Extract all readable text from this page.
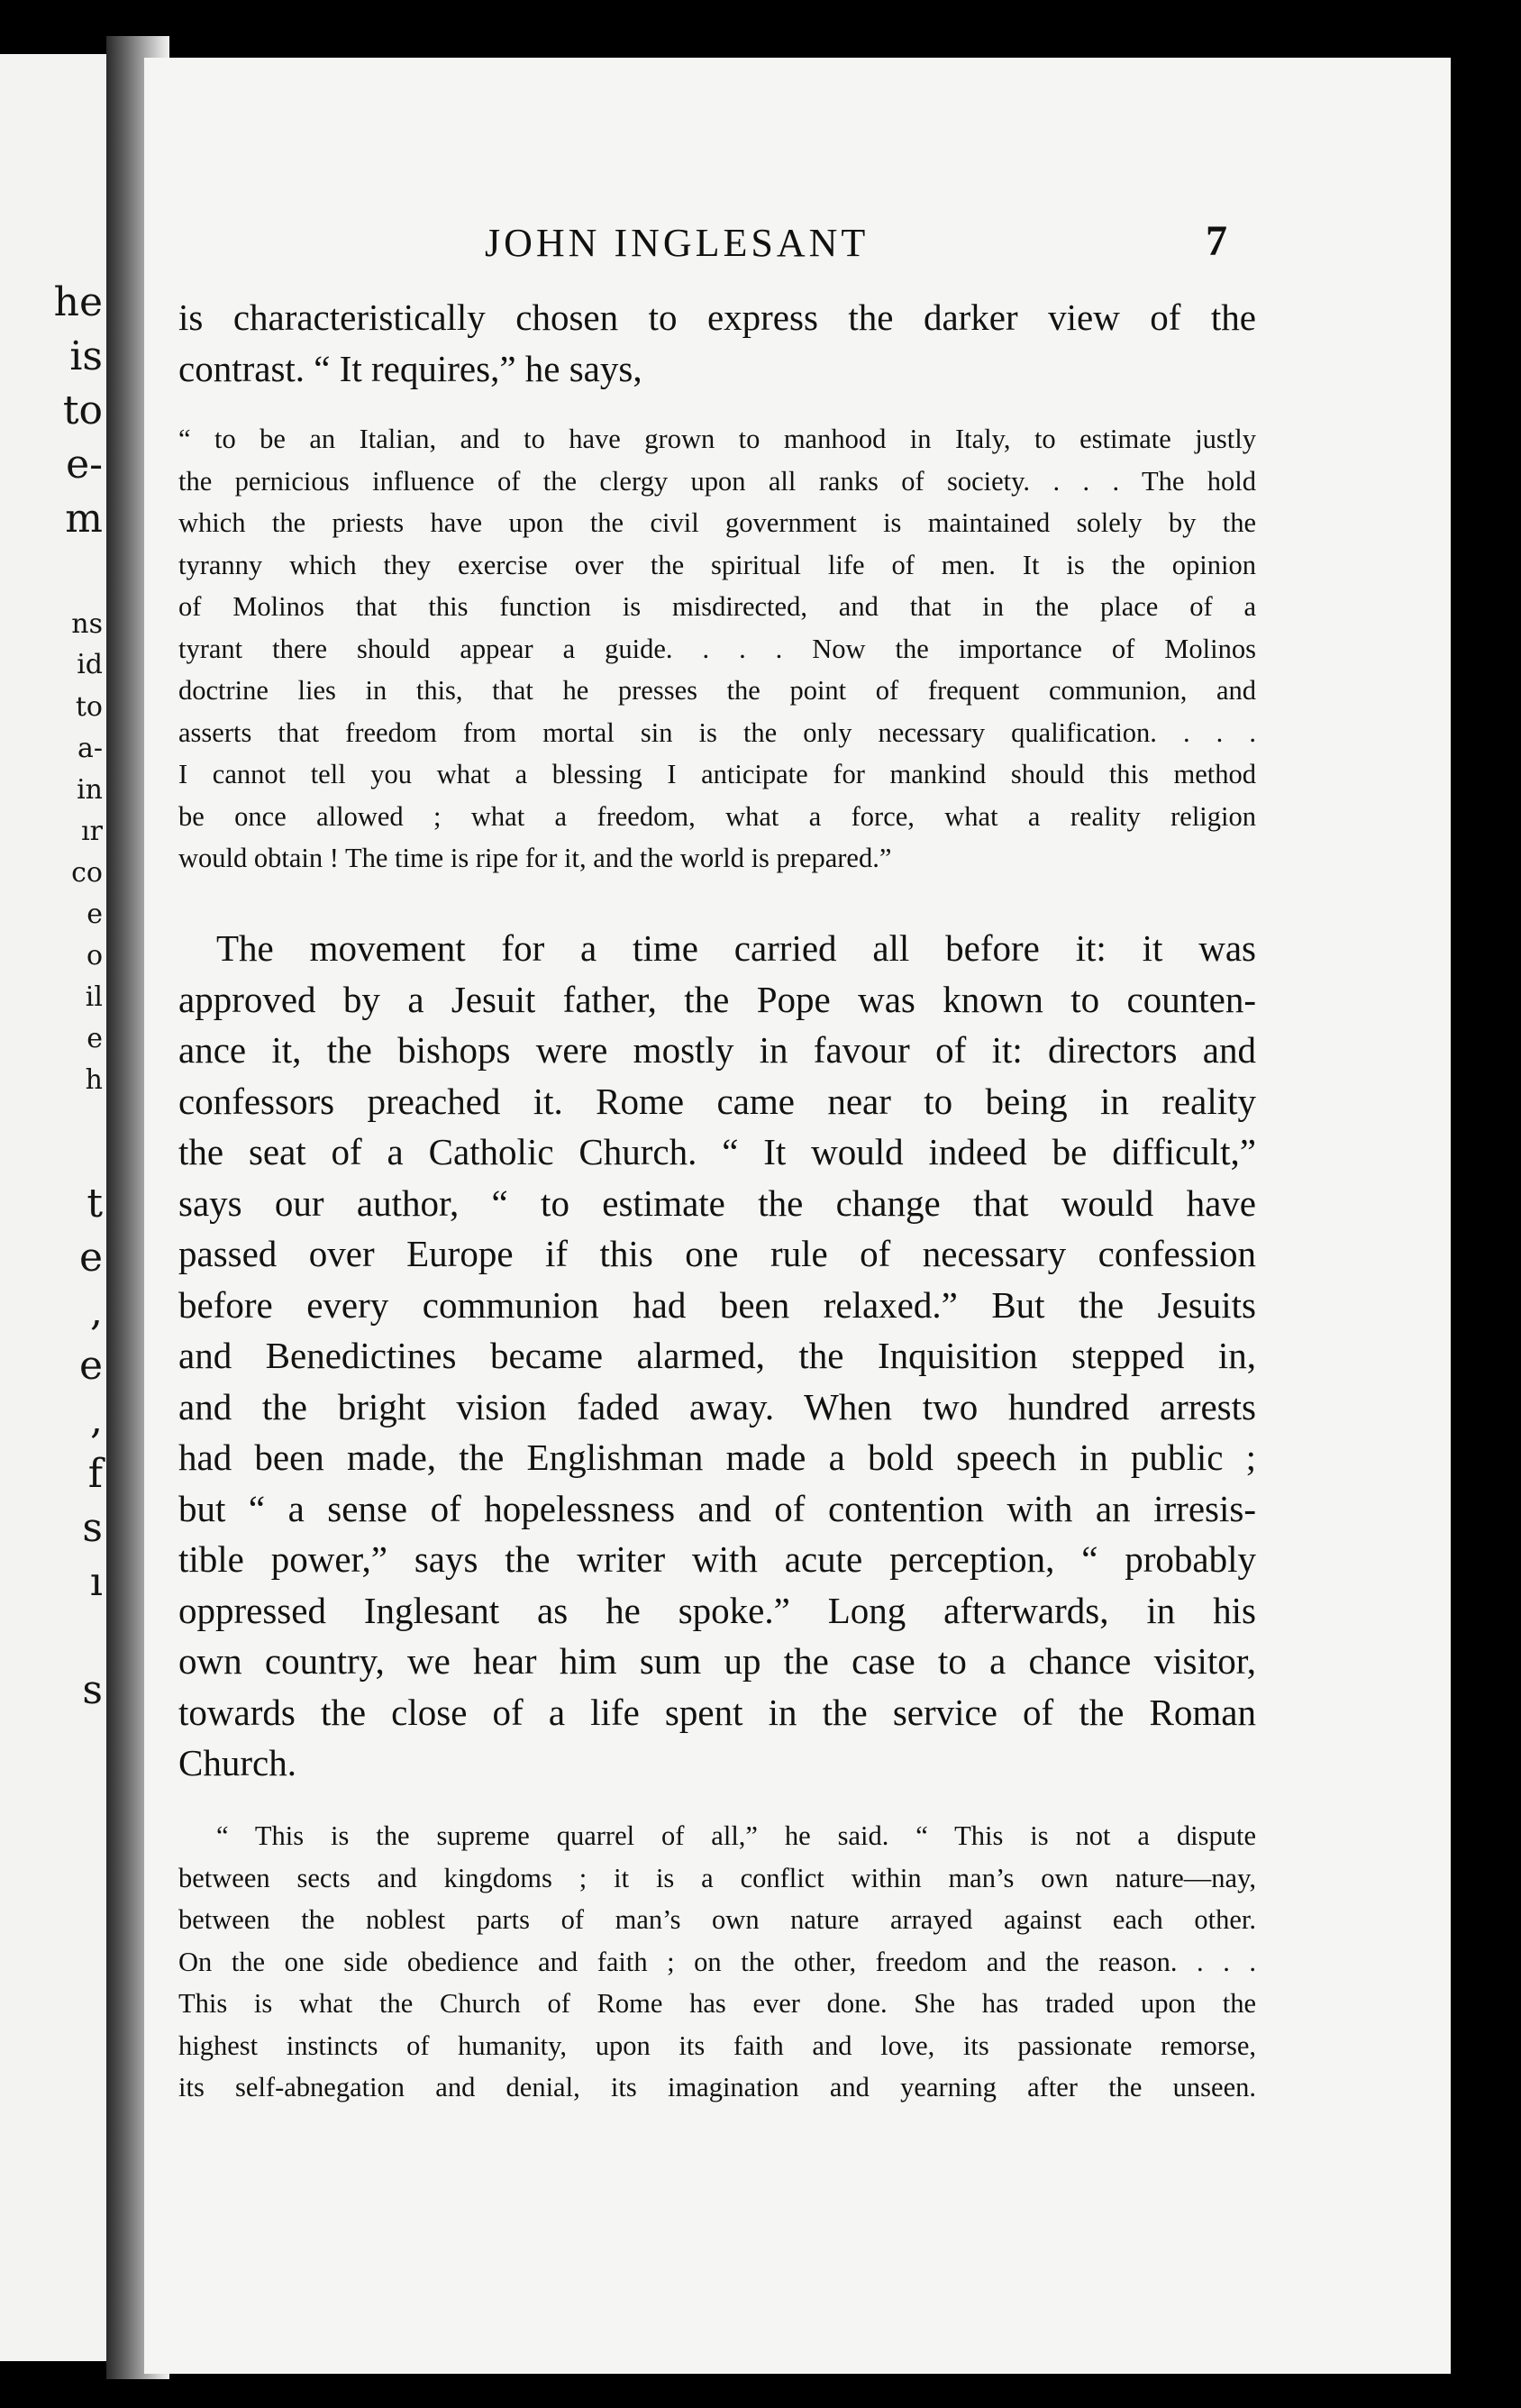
he
is
to
e-
m
ns
id
to
a-
in
ır
co
e
o
il
e
h
t
e
,
e
,
f
s
ı
s
JOHN INGLESANT	7
is characteristically chosen to express the darker view of the
contrast. “ It requires,” he says,
“ to be an Italian, and to have grown to manhood in Italy, to estimate justly
the pernicious influence of the clergy upon all ranks of society. . . . The hold
which the priests have upon the civil government is maintained solely by the
tyranny which they exercise over the spiritual life of men. It is the opinion
of Molinos that this function is misdirected, and that in the place of a
tyrant there should appear a guide. . . . Now the importance of Molinos
doctrine lies in this, that he presses the point of frequent communion, and
asserts that freedom from mortal sin is the only necessary qualification. . . .
I cannot tell you what a blessing I anticipate for mankind should this method
be once allowed ; what a freedom, what a force, what a reality religion
would obtain ! The time is ripe for it, and the world is prepared.”
The movement for a time carried all before it: it was
approved by a Jesuit father, the Pope was known to counten-
ance it, the bishops were mostly in favour of it: directors and
confessors preached it. Rome came near to being in reality
the seat of a Catholic Church. “ It would indeed be difficult,”
says our author, “ to estimate the change that would have
passed over Europe if this one rule of necessary confession
before every communion had been relaxed.” But the Jesuits
and Benedictines became alarmed, the Inquisition stepped in,
and the bright vision faded away. When two hundred arrests
had been made, the Englishman made a bold speech in public ;
but “ a sense of hopelessness and of contention with an irresis-
tible power,” says the writer with acute perception, “ probably
oppressed Inglesant as he spoke.” Long afterwards, in his
own country, we hear him sum up the case to a chance visitor,
towards the close of a life spent in the service of the Roman
Church.
“ This is the supreme quarrel of all,” he said. “ This is not a dispute
between sects and kingdoms ; it is a conflict within man’s own nature—nay,
between the noblest parts of man’s own nature arrayed against each other.
On the one side obedience and faith ; on the other, freedom and the reason. . . .
This is what the Church of Rome has ever done. She has traded upon the
highest instincts of humanity, upon its faith and love, its passionate remorse,
its self-abnegation and denial, its imagination and yearning after the unseen.
